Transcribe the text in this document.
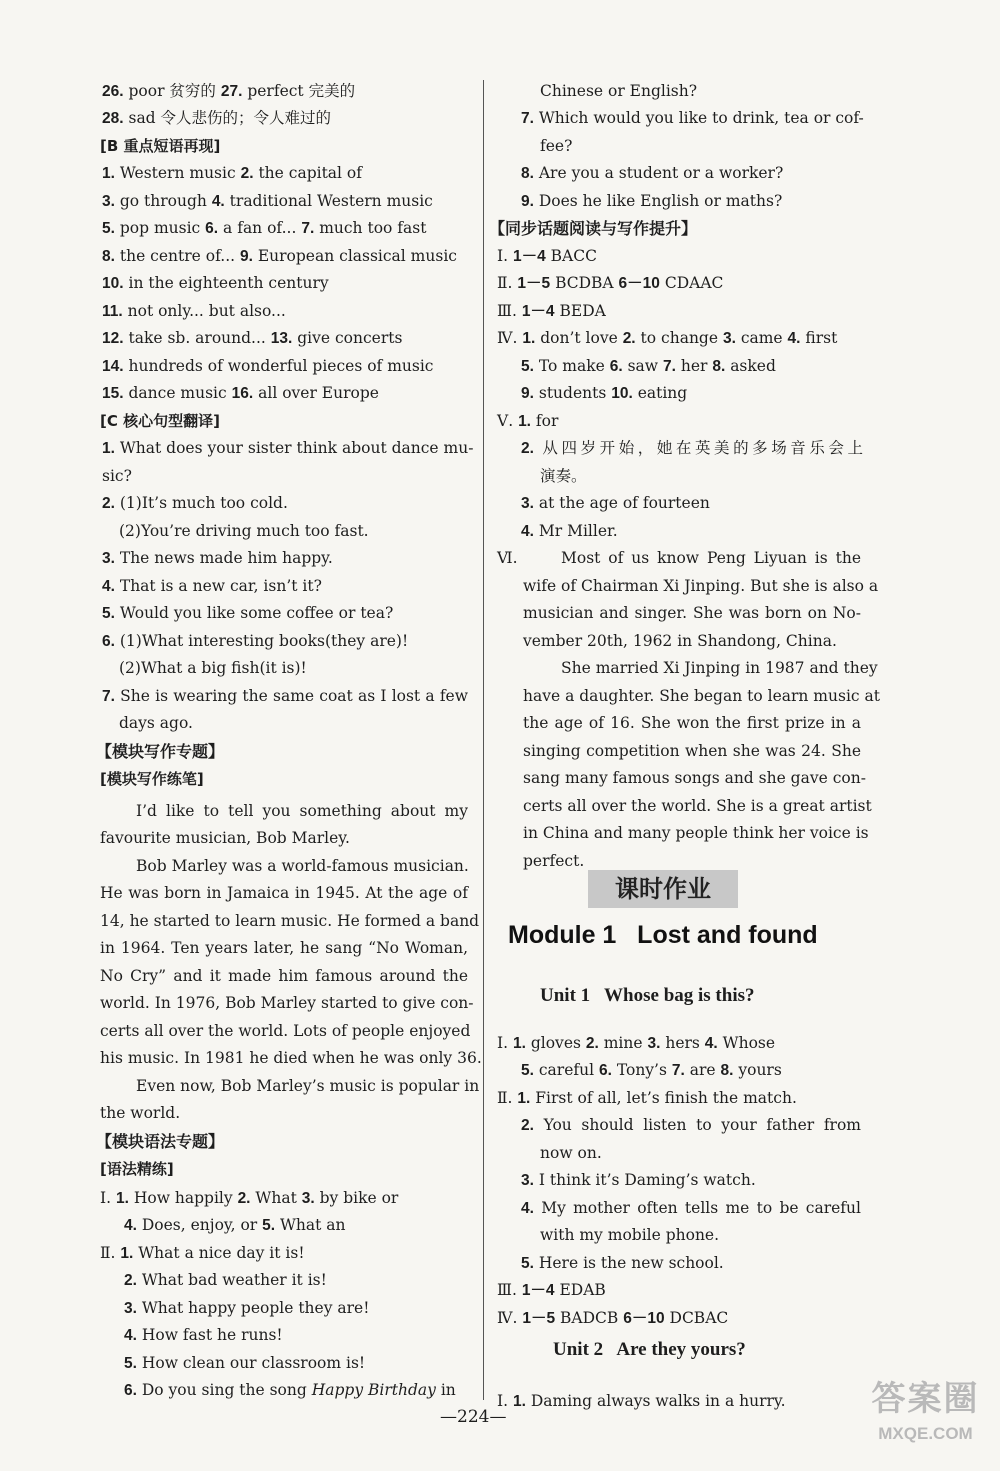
26. poor 贫穷的 27. perfect 完美的
28. sad 令人悲伤的；令人难过的
[B 重点短语再现]
1. Western music 2. the capital of
3. go through 4. traditional Western music
5. pop music 6. a fan of... 7. much too fast
8. the centre of... 9. European classical music
10. in the eighteenth century
11. not only... but also...
12. take sb. around... 13. give concerts
14. hundreds of wonderful pieces of music
15. dance music 16. all over Europe
[C 核心句型翻译]
1. What does your sister think about dance mu-
sic?
2. (1)It’s much too cold.
(2)You’re driving much too fast.
3. The news made him happy.
4. That is a new car, isn’t it?
5. Would you like some coffee or tea?
6. (1)What interesting books(they are)!
(2)What a big fish(it is)!
7. She is wearing the same coat as I lost a few
days ago.
【模块写作专题】
[模块写作练笔]
I’d like to tell you something about my
favourite musician, Bob Marley.
Bob Marley was a world-famous musician.
He was born in Jamaica in 1945. At the age of
14, he started to learn music. He formed a band
in 1964. Ten years later, he sang “No Woman,
No Cry” and it made him famous around the
world. In 1976, Bob Marley started to give con-
certs all over the world. Lots of people enjoyed
his music. In 1981 he died when he was only 36.
Even now, Bob Marley’s music is popular in
the world.
【模块语法专题】
[语法精练]
Ⅰ. 1. How happily 2. What 3. by bike or
4. Does, enjoy, or 5. What an
Ⅱ. 1. What a nice day it is!
2. What bad weather it is!
3. What happy people they are!
4. How fast he runs!
5. How clean our classroom is!
6. Do you sing the song Happy Birthday in
Chinese or English?
7. Which would you like to drink, tea or cof-
fee?
8. Are you a student or a worker?
9. Does he like English or maths?
【同步话题阅读与写作提升】
Ⅰ. 1－4 BACC
Ⅱ. 1－5 BCDBA 6－10 CDAAC
Ⅲ. 1－4 BEDA
Ⅳ. 1. don’t love 2. to change 3. came 4. first
5. To make 6. saw 7. her 8. asked
9. students 10. eating
Ⅴ. 1. for
2. 从四岁开始，她在英美的多场音乐会上
演奏。
3. at the age of fourteen
4. Mr Miller.
Ⅵ.	Most of us know Peng Liyuan is the
wife of Chairman Xi Jinping. But she is also a
musician and singer. She was born on No-
vember 20th, 1962 in Shandong, China.
She married Xi Jinping in 1987 and they
have a daughter. She began to learn music at
the age of 16. She won the first prize in a
singing competition when she was 24. She
sang many famous songs and she gave con-
certs all over the world. She is a great artist
in China and many people think her voice is
perfect.
Ⅰ. 1. gloves 2. mine 3. hers 4. Whose
5. careful 6. Tony’s 7. are 8. yours
Ⅱ. 1. First of all, let’s finish the match.
2. You should listen to your father from
now on.
3. I think it’s Daming’s watch.
4. My mother often tells me to be careful
with my mobile phone.
5. Here is the new school.
Ⅲ. 1－4 EDAB
Ⅳ. 1－5 BADCB 6－10 DCBAC
Ⅰ. 1. Daming always walks in a hurry.
课时作业
Module 1   Lost and found
Unit 1   Whose bag is this?
Unit 2   Are they yours?
—224—	答案圈
MXQE.COM
